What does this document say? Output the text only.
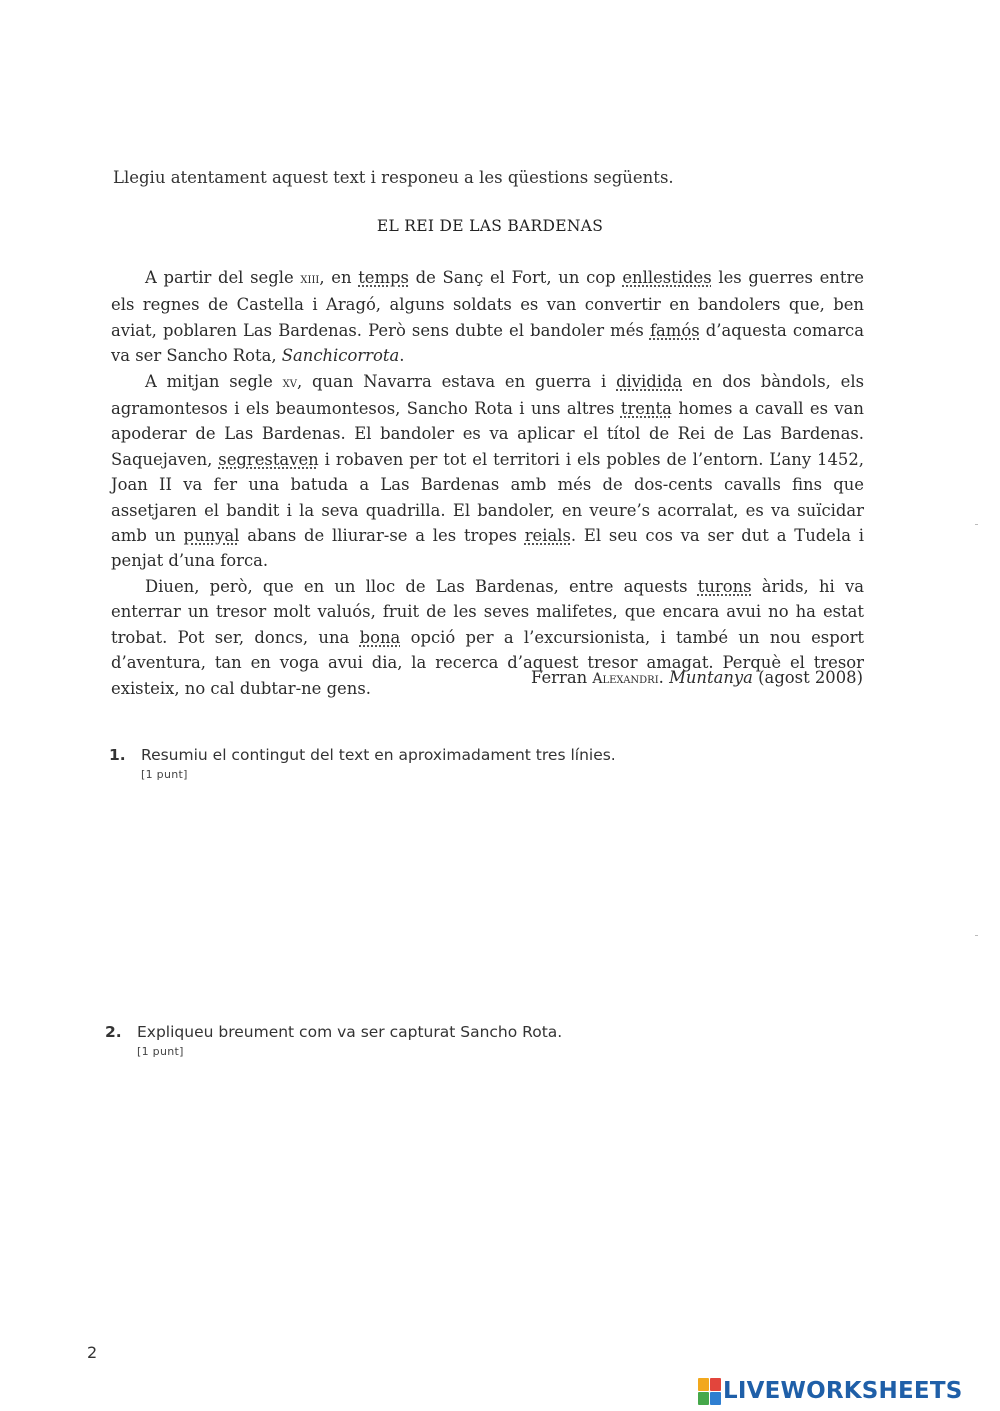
Llegiu atentament aquest text i responeu a les qüestions següents.
EL REI DE LAS BARDENAS

A partir del segle xiii, en temps de Sanç el Fort, un cop enllestides les guerres entre els regnes de Castella i Aragó, alguns soldats es van convertir en bandolers que, ben aviat, poblaren Las Bardenas. Però sens dubte el bandoler més famós d’aquesta comarca va ser Sancho Rota, Sanchicorrota.

A mitjan segle xv, quan Navarra estava en guerra i dividida en dos bàndols, els agramontesos i els beaumontesos, Sancho Rota i uns altres trenta homes a cavall es van apoderar de Las Bardenas. El bandoler es va aplicar el títol de Rei de Las Bardenas. Saquejaven, segrestaven i robaven per tot el territori i els pobles de l’entorn. L’any 1452, Joan II va fer una batuda a Las Bardenas amb més de dos-cents cavalls fins que assetjaren el bandit i la seva quadrilla. El bandoler, en veure’s acorralat, es va suïcidar amb un punyal abans de lliurar-se a les tropes reials. El seu cos va ser dut a Tudela i penjat d’una forca.

Diuen, però, que en un lloc de Las Bardenas, entre aquests turons àrids, hi va enterrar un tresor molt valuós, fruit de les seves malifetes, que encara avui no ha estat trobat. Pot ser, doncs, una bona opció per a l’excursionista, i també un nou esport d’aventura, tan en voga avui dia, la recerca d’aquest tresor amagat. Perquè el tresor existeix, no cal dubtar-ne gens.

Ferran Alexandri. Muntanya (agost 2008)
1. Resumiu el contingut del text en aproximadament tres línies.
[1 punt]
2. Expliqueu breument com va ser capturat Sancho Rota.
[1 punt]
2
LIVEWORKSHEETS
